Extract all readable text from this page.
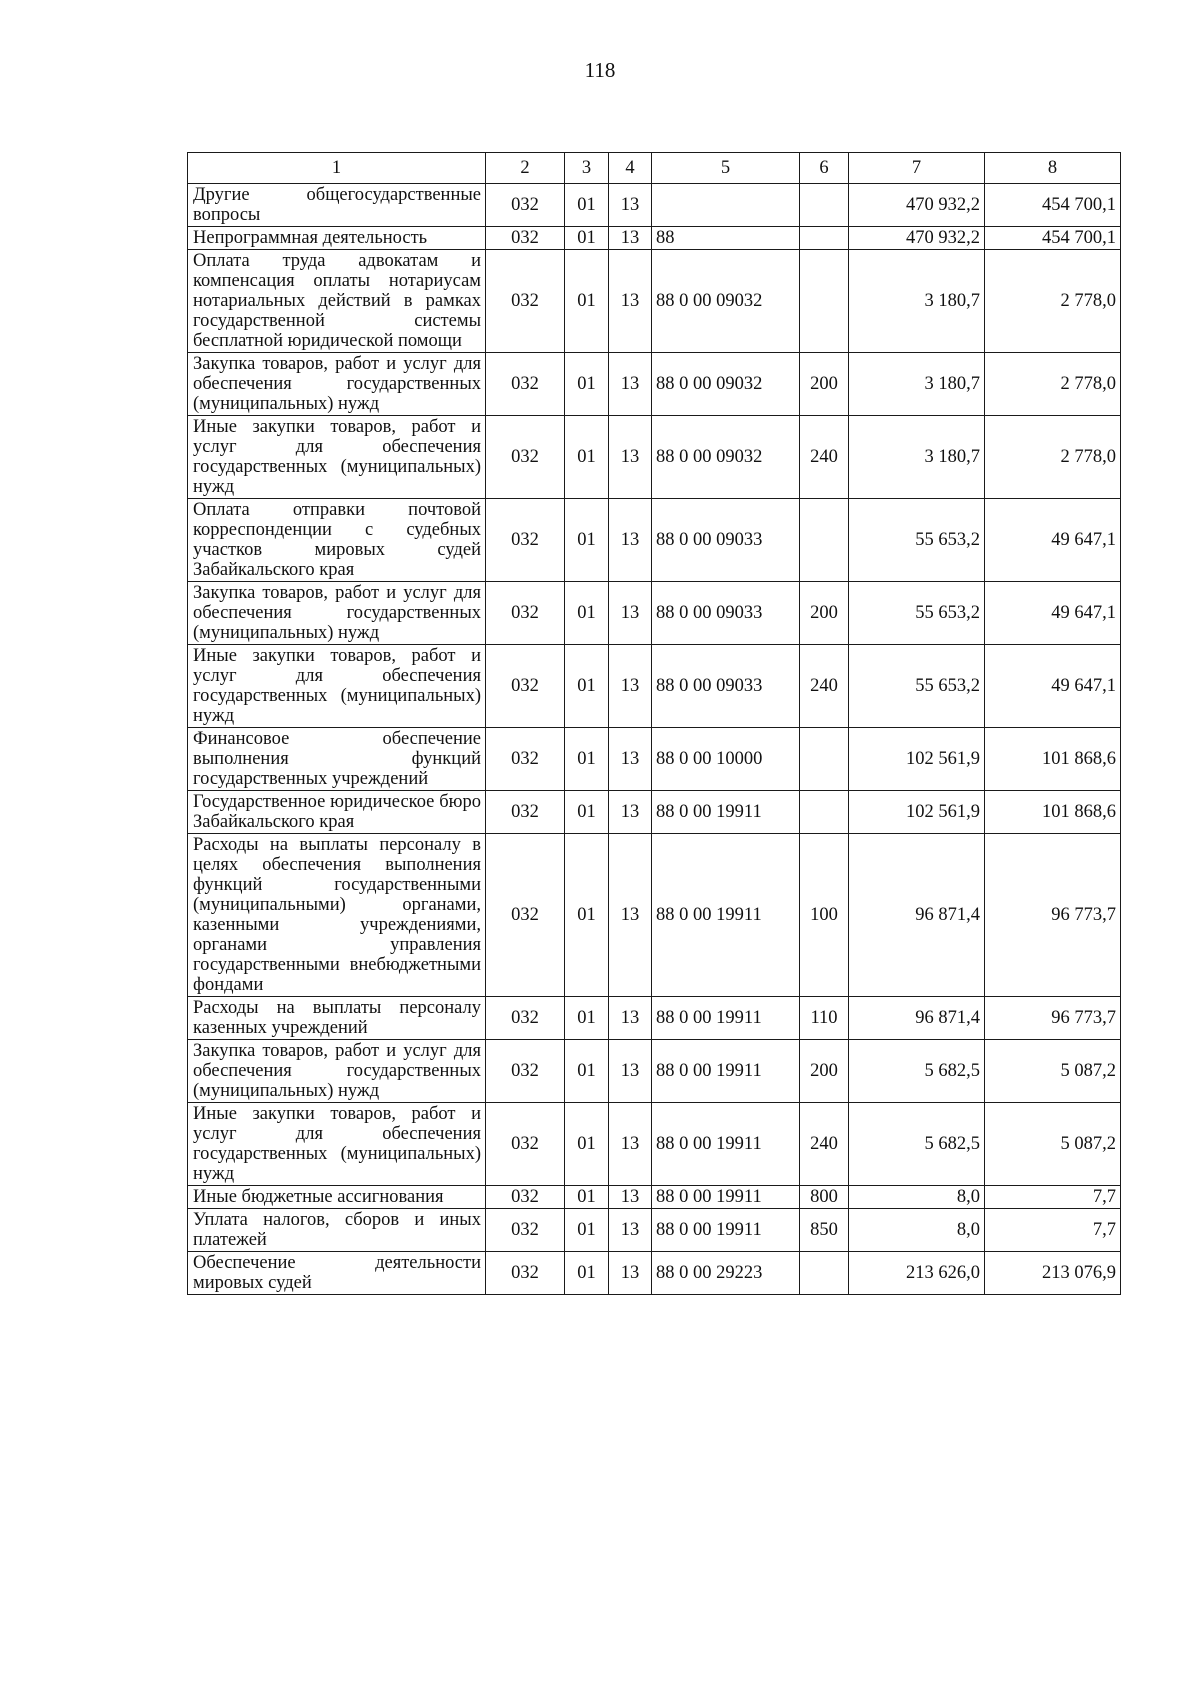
118
1	2	3	4	5	6	7	8
Другие общегосударственные вопросы	032	01	13			470 932,2	454 700,1
Непрограммная деятельность	032	01	13	88		470 932,2	454 700,1
Оплата труда адвокатам и компенсация оплаты нотариусам нотариальных действий в рамках государственной системы бесплатной юридической помощи	032	01	13	88 0 00 09032		3 180,7	2 778,0
Закупка товаров, работ и услуг для обеспечения государственных (муниципальных) нужд	032	01	13	88 0 00 09032	200	3 180,7	2 778,0
Иные закупки товаров, работ и услуг для обеспечения государственных (муниципальных) нужд	032	01	13	88 0 00 09032	240	3 180,7	2 778,0
Оплата отправки почтовой корреспонденции с судебных участков мировых судей Забайкальского края	032	01	13	88 0 00 09033		55 653,2	49 647,1
Закупка товаров, работ и услуг для обеспечения государственных (муниципальных) нужд	032	01	13	88 0 00 09033	200	55 653,2	49 647,1
Иные закупки товаров, работ и услуг для обеспечения государственных (муниципальных) нужд	032	01	13	88 0 00 09033	240	55 653,2	49 647,1
Финансовое обеспечение выполнения функций государственных учреждений	032	01	13	88 0 00 10000		102 561,9	101 868,6
Государственное юридическое бюро Забайкальского края	032	01	13	88 0 00 19911		102 561,9	101 868,6
Расходы на выплаты персоналу в целях обеспечения выполнения функций государственными (муниципальными) органами, казенными учреждениями, органами управления государственными внебюджетными фондами	032	01	13	88 0 00 19911	100	96 871,4	96 773,7
Расходы на выплаты персоналу казенных учреждений	032	01	13	88 0 00 19911	110	96 871,4	96 773,7
Закупка товаров, работ и услуг для обеспечения государственных (муниципальных) нужд	032	01	13	88 0 00 19911	200	5 682,5	5 087,2
Иные закупки товаров, работ и услуг для обеспечения государственных (муниципальных) нужд	032	01	13	88 0 00 19911	240	5 682,5	5 087,2
Иные бюджетные ассигнования	032	01	13	88 0 00 19911	800	8,0	7,7
Уплата налогов, сборов и иных платежей	032	01	13	88 0 00 19911	850	8,0	7,7
Обеспечение деятельности мировых судей	032	01	13	88 0 00 29223		213 626,0	213 076,9
